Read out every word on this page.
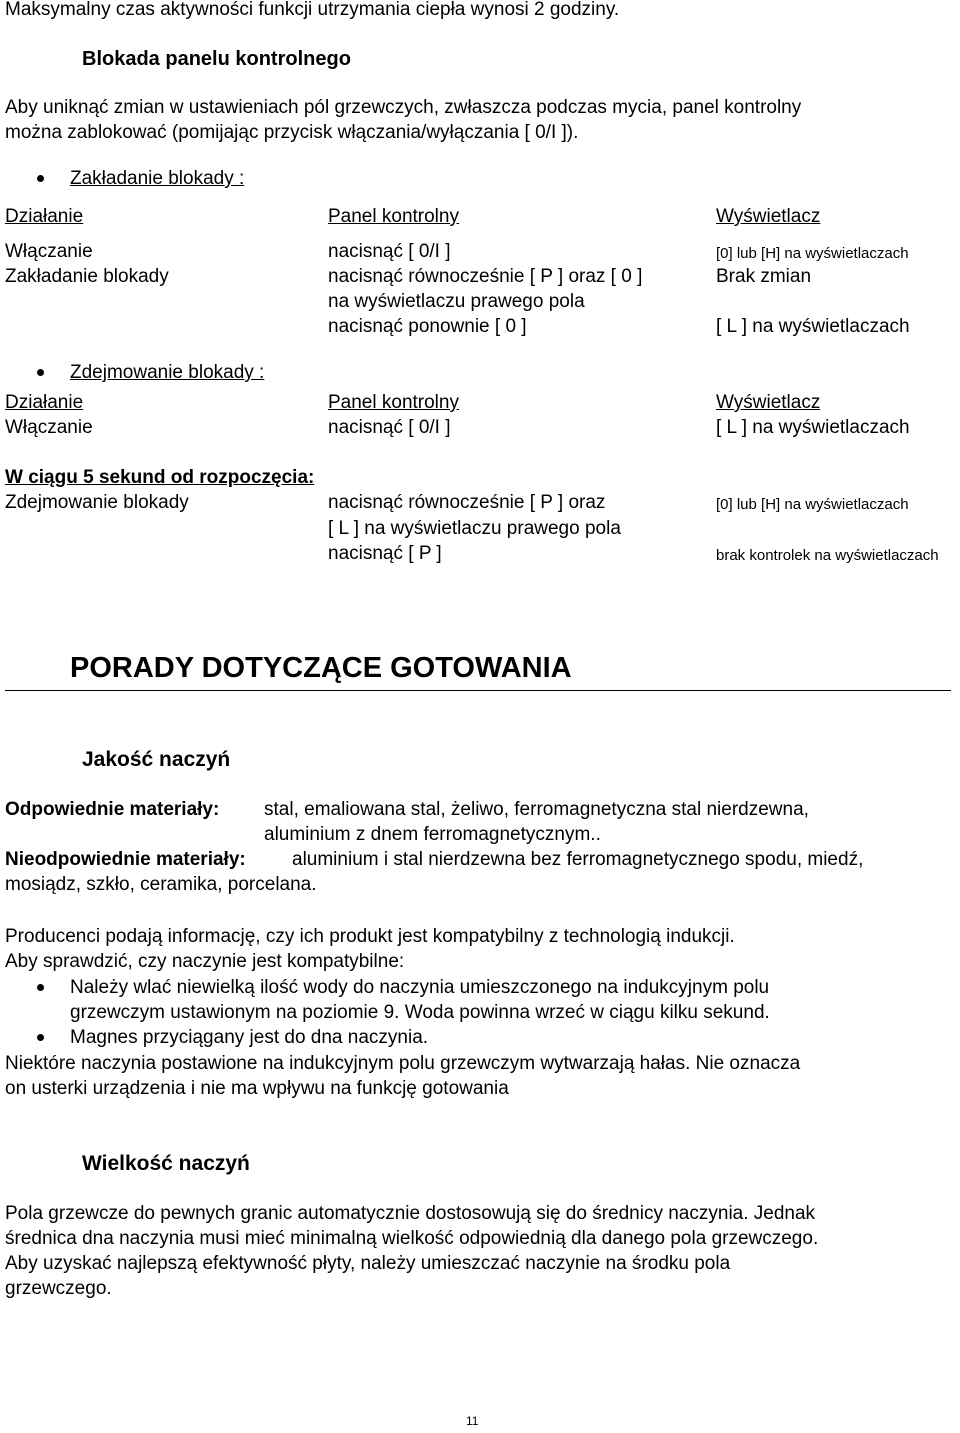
Maksymalny czas aktywności funkcji utrzymania ciepła wynosi 2 godziny.
Blokada panelu kontrolnego
Aby uniknąć zmian w ustawieniach pól grzewczych, zwłaszcza podczas mycia, panel kontrolny
można zablokować (pomijając przycisk włączania/wyłączania [ 0/I ]).
Zakładanie blokady :
Działanie	Panel kontrolny	Wyświetlacz
Włączanie	nacisnąć [ 0/I ]	[0] lub [H] na wyświetlaczach
Zakładanie blokady	nacisnąć równocześnie [ P ] oraz [ 0 ]	Brak zmian
na wyświetlaczu prawego pola
nacisnąć ponownie [ 0 ]	[ L ] na wyświetlaczach
Zdejmowanie blokady :
Działanie	Panel kontrolny	Wyświetlacz
Włączanie	nacisnąć [ 0/I ]	[ L ] na wyświetlaczach
W ciągu 5 sekund od rozpoczęcia:
Zdejmowanie blokady	nacisnąć równocześnie [ P ] oraz	[0] lub [H] na wyświetlaczach
[ L ] na wyświetlaczu prawego pola
nacisnąć [ P ]	brak kontrolek na wyświetlaczach
PORADY DOTYCZĄCE GOTOWANIA
Jakość naczyń
Odpowiednie materiały: stal, emaliowana stal, żeliwo, ferromagnetyczna stal nierdzewna,
aluminium z dnem ferromagnetycznym..
Nieodpowiednie materiały: aluminium i stal nierdzewna bez ferromagnetycznego spodu, miedź,
mosiądz, szkło, ceramika, porcelana.
Producenci podają informację, czy ich produkt jest kompatybilny z technologią indukcji.
Aby sprawdzić, czy naczynie jest kompatybilne:
Należy wlać niewielką ilość wody do naczynia umieszczonego na indukcyjnym polu
grzewczym ustawionym na poziomie 9. Woda powinna wrzeć w ciągu kilku sekund.
Magnes przyciągany jest do dna naczynia.
Niektóre naczynia postawione na indukcyjnym polu grzewczym wytwarzają hałas. Nie oznacza
on usterki urządzenia i nie ma wpływu na funkcję gotowania
Wielkość naczyń
Pola grzewcze do pewnych granic automatycznie dostosowują się do średnicy naczynia. Jednak
średnica dna naczynia musi mieć minimalną wielkość odpowiednią dla danego pola grzewczego.
Aby uzyskać najlepszą efektywność płyty, należy umieszczać naczynie na środku pola
grzewczego.
11
